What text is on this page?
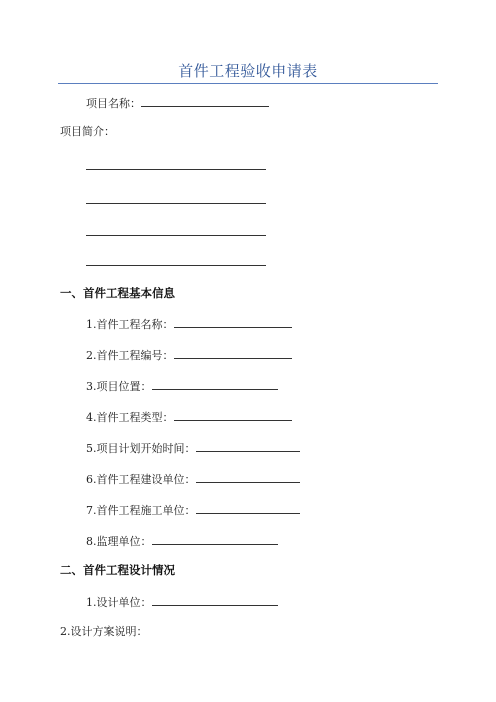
首件工程验收申请表
项目名称：
项目简介：
一、首件工程基本信息
1.首件工程名称：
2.首件工程编号：
3.项目位置：
4.首件工程类型：
5.项目计划开始时间：
6.首件工程建设单位：
7.首件工程施工单位：
8.监理单位：
二、首件工程设计情况
1.设计单位：
2.设计方案说明：
